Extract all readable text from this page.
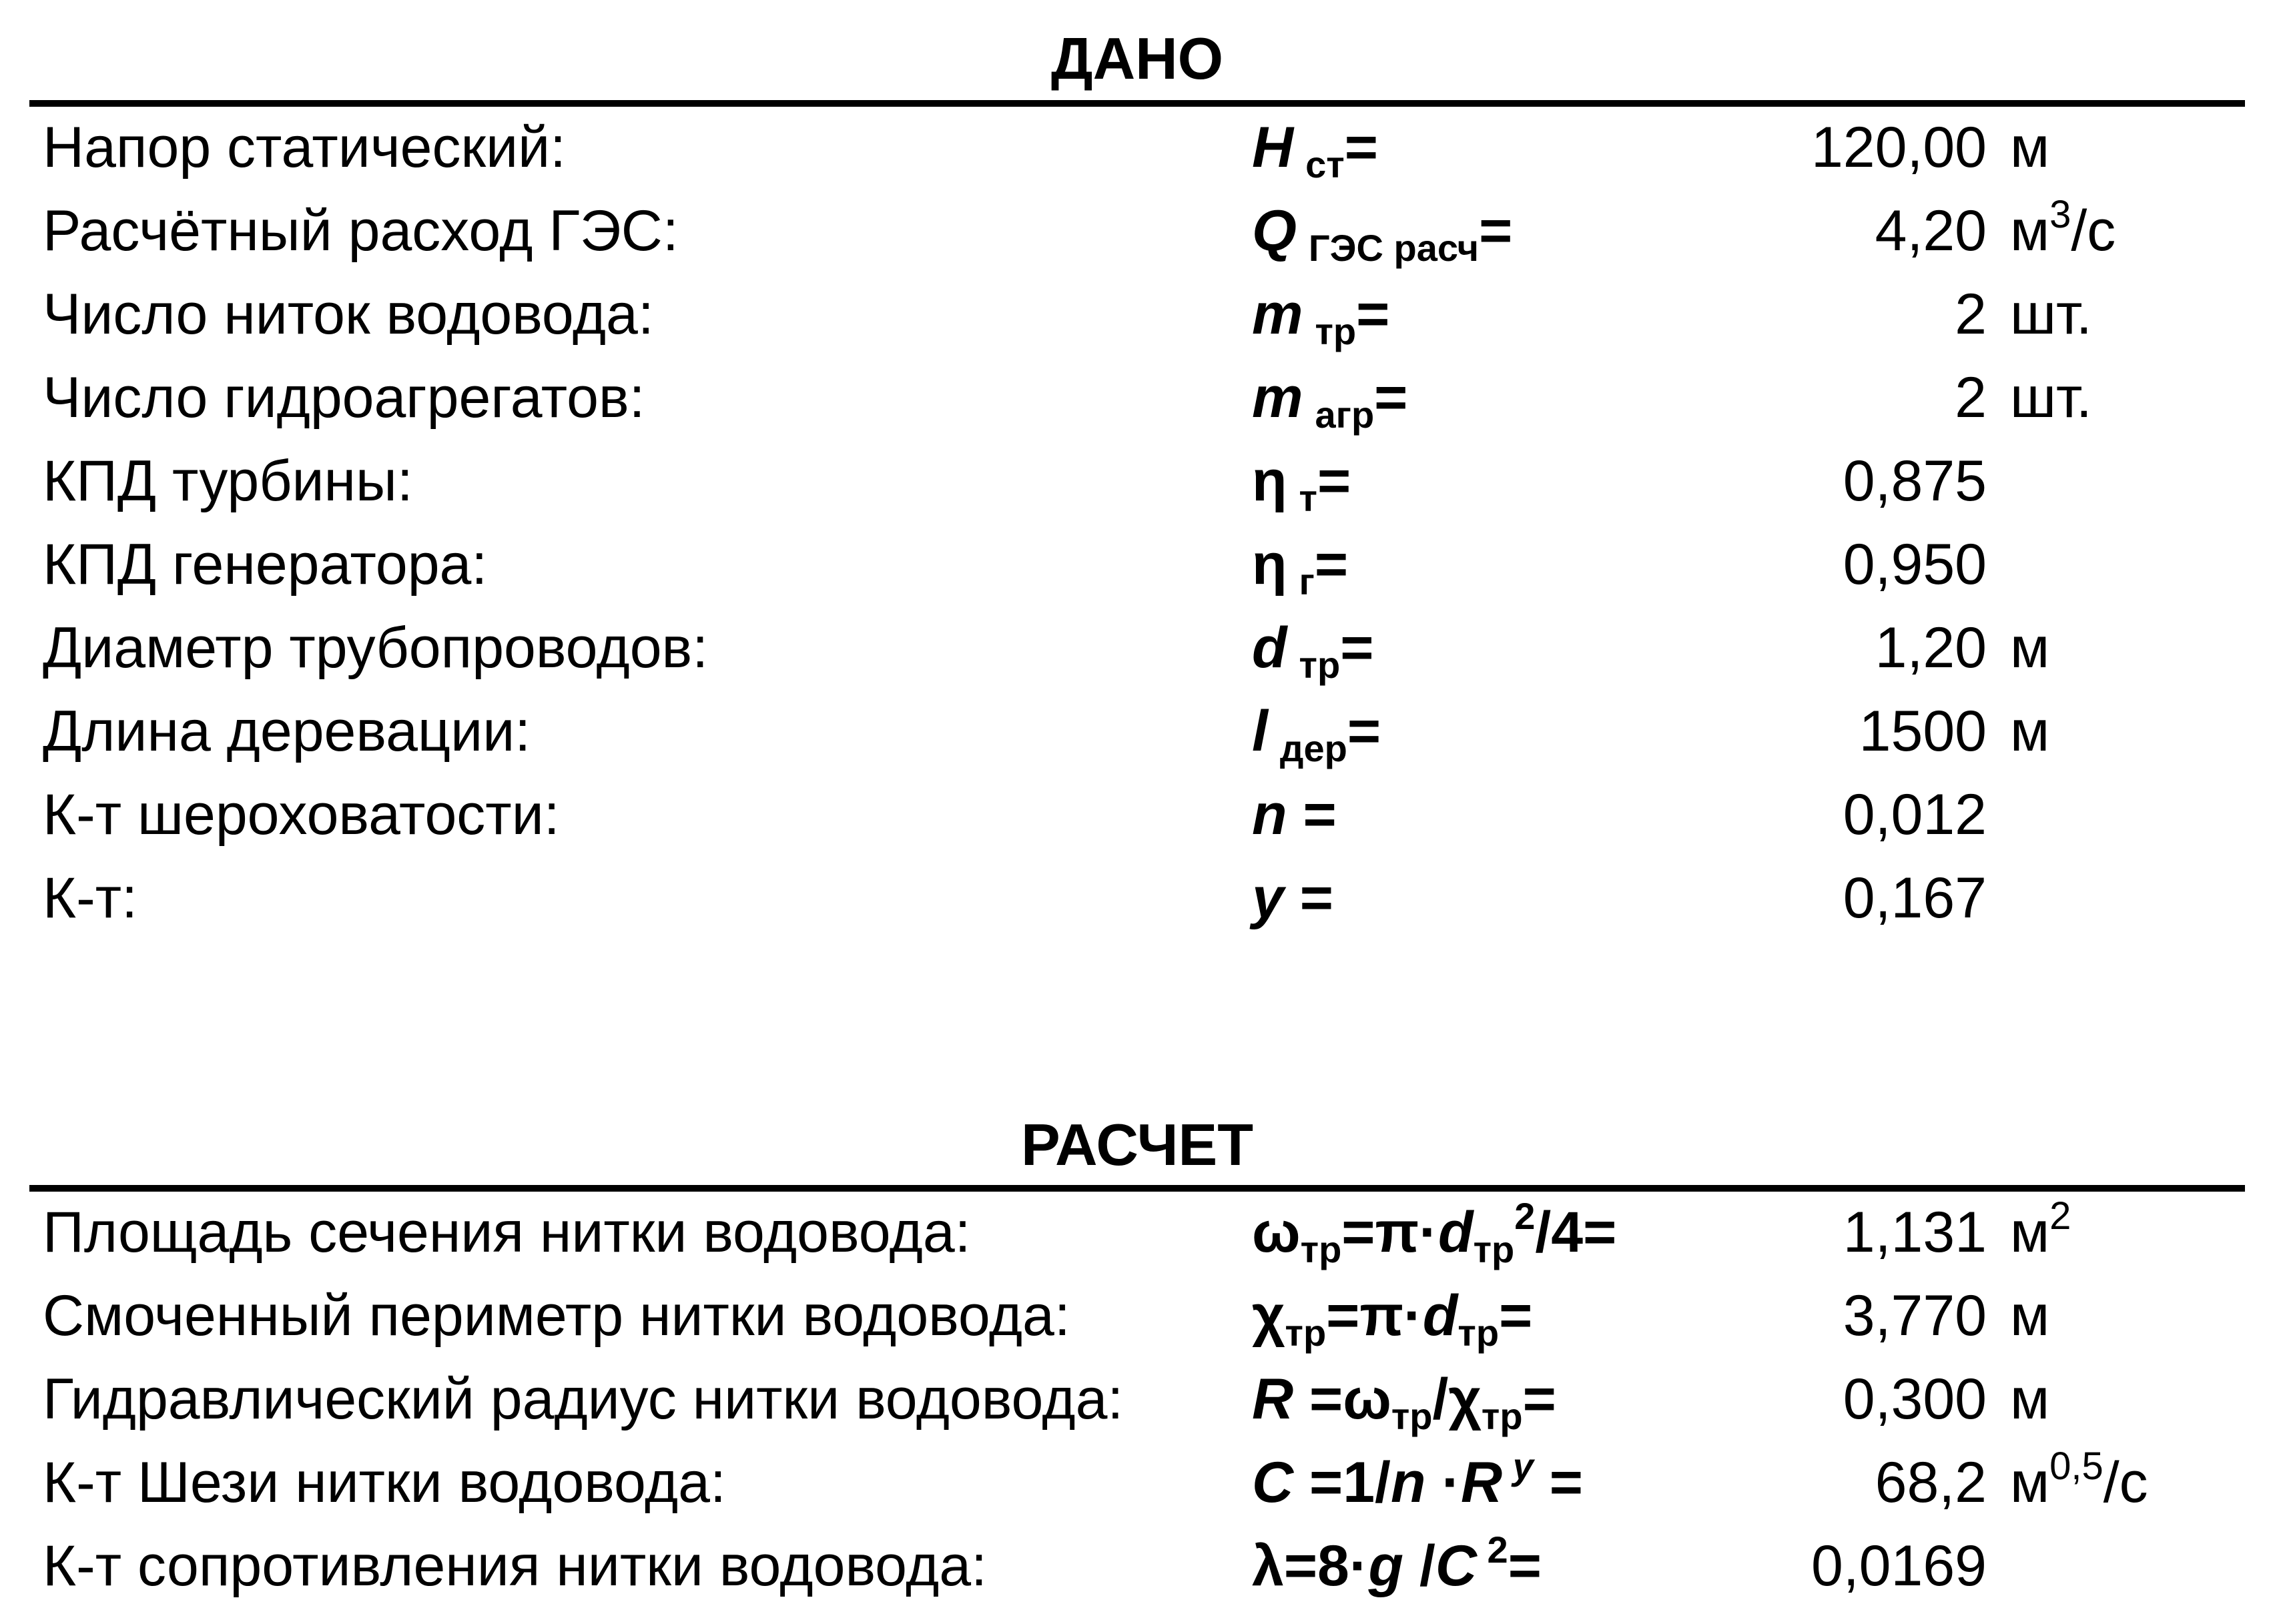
ДАНО
Напор статический:	H $_{ст}$=	120,00 м
Расчётный расход ГЭС:	Q $_{ГЭС расч}$=	4,20 $м^3/с$
Число ниток водовода:	m $_{тр}$=	2 шт.
Число гидроагрегатов:	m $_{агр}$=	2 шт.
КПД турбины:	η $_т$=	0,875
КПД генератора:	η $_г$=	0,950
Диаметр трубопроводов:	d $_{тр}$=	1,20 м
Длина деревации:	l $_{дер}$=	1500 м
К-т шероховатости:	n =	0,012
К-т:	y =	0,167
РАСЧЕТ
Площадь сечения нитки водовода:	$\omega_{тр}=\pi\cdot d_{тр}^2/4=$	1,131 $м^2$
Смоченный периметр нитки водовода:	$\chi_{тр}=\pi\cdot d_{тр}=$	3,770 м
Гидравлический радиус нитки водовода: $R =\omega_{тр}/\chi_{тр}=$	0,300 м
К-т Шези нитки водовода:	C =1/n ·R $^y$ =	68,2 $м^{0,5}/с$
К-т сопротивления нитки водовода:	λ=8·g /C $^2$=	0,0169
